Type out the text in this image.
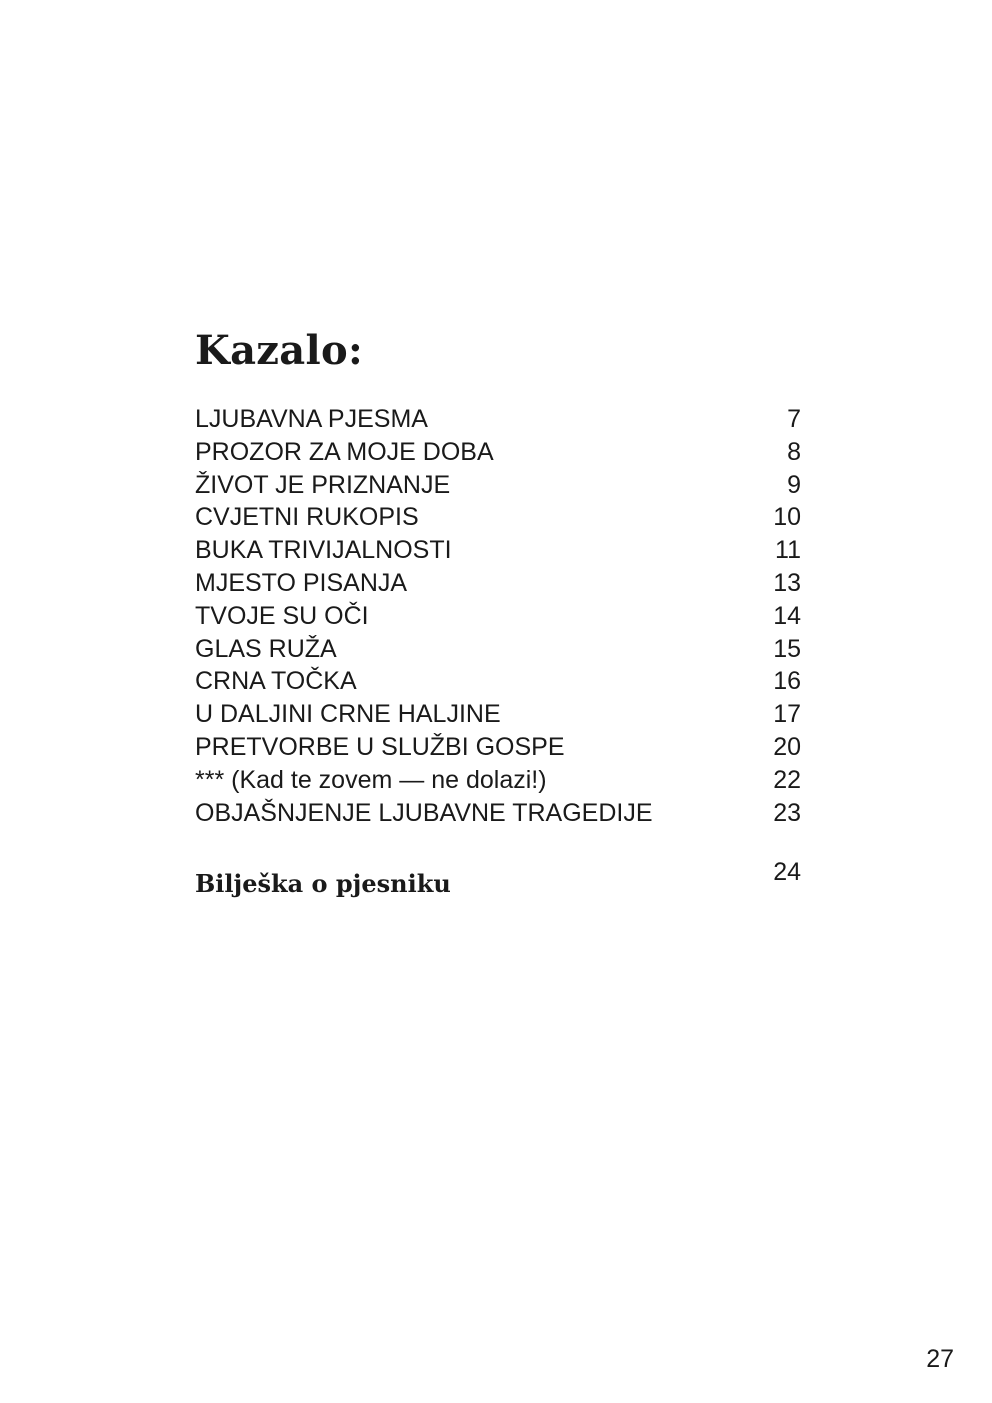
Kazalo:
LJUBAVNA PJESMA	7
PROZOR ZA MOJE DOBA	8
ŽIVOT JE PRIZNANJE	9
CVJETNI RUKOPIS	10
BUKA TRIVIJALNOSTI	11
MJESTO PISANJA	13
TVOJE SU OČI	14
GLAS RUŽA	15
CRNA TOČKA	16
U DALJINI CRNE HALJINE	17
PRETVORBE U SLUŽBI GOSPE	20
*** (Kad te zovem — ne dolazi!)	22
OBJAŠNJENJE LJUBAVNE TRAGEDIJE	23
Bilješka o pjesniku	24
27
